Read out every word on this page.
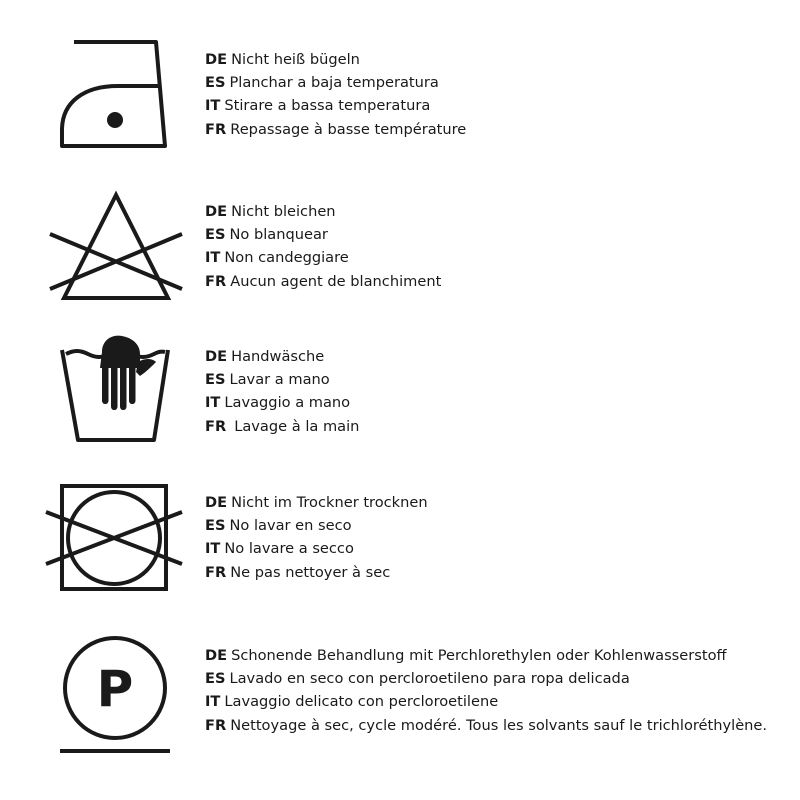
DE Nicht heiß bügeln
ES Planchar a baja temperatura
IT Stirare a bassa temperatura
FR Repassage à basse température
DE Nicht bleichen
ES No blanquear
IT Non candeggiare
FR Aucun agent de blanchiment
DE Handwäsche
ES Lavar a mano
IT Lavaggio a mano
FR Lavage à la main
DE Nicht im Trockner trocknen
ES No lavar en seco
IT No lavare a secco
FR Ne pas nettoyer à sec
P
DE Schonende Behandlung mit Perchlorethylen oder Kohlenwasserstoff
ES Lavado en seco con percloroetileno para ropa delicada
IT Lavaggio delicato con percloroetilene
FR Nettoyage à sec, cycle modéré. Tous les solvants sauf le trichloréthylène.
